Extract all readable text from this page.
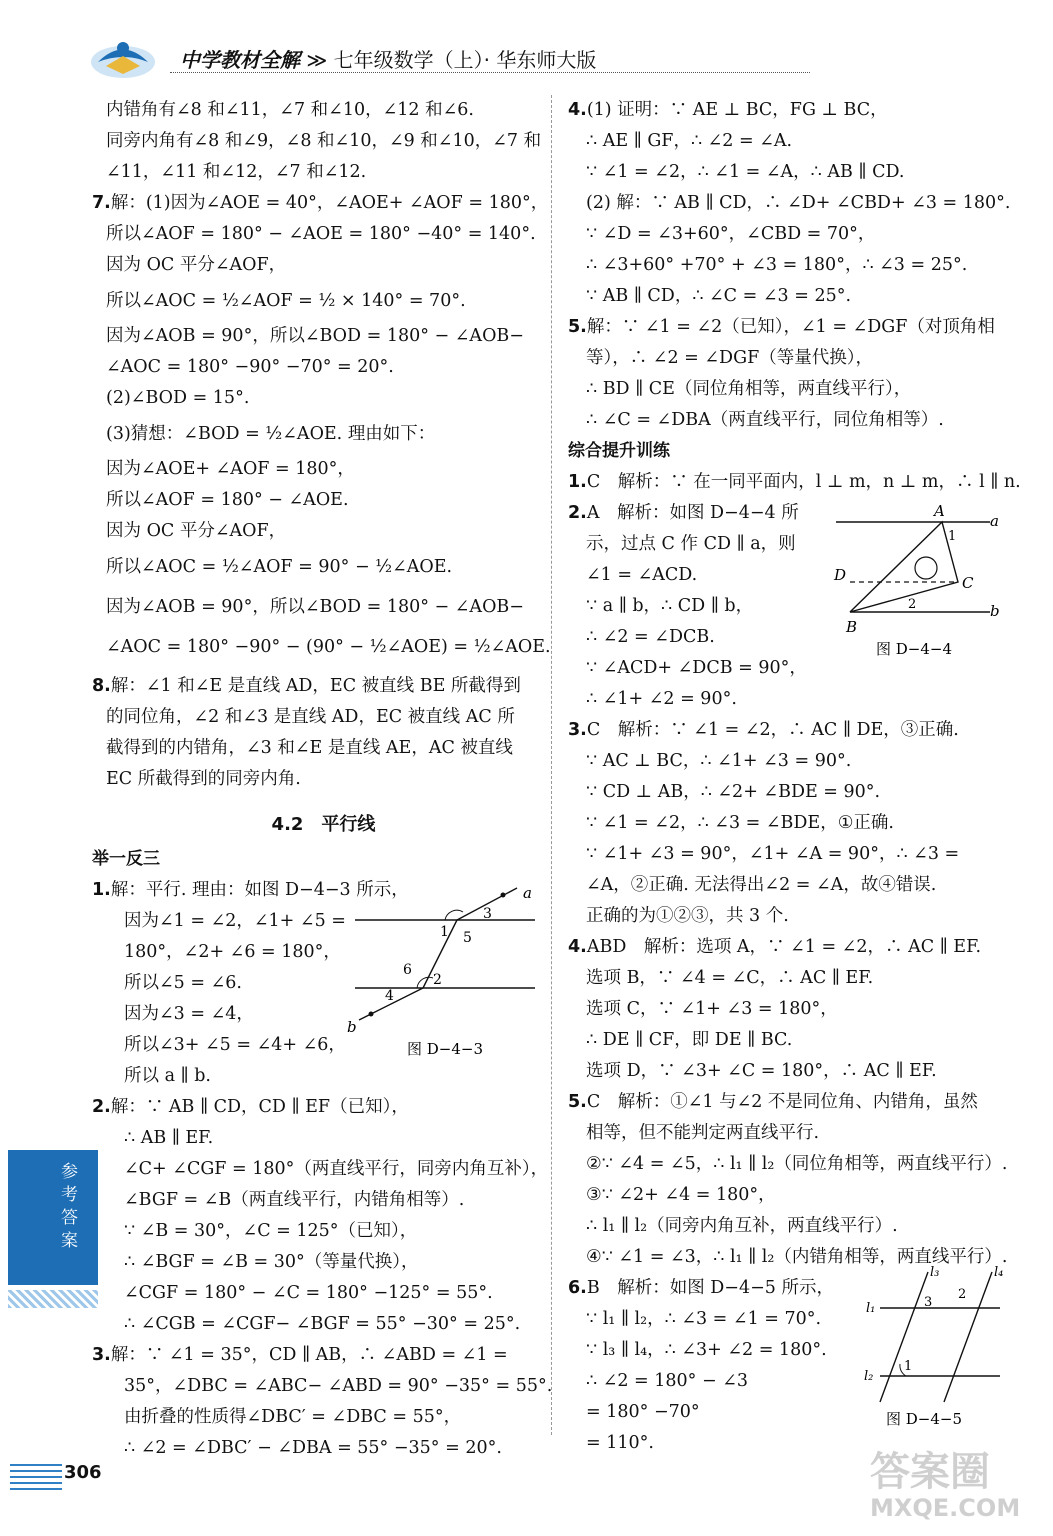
中学教材全解 ≫ 七年级数学（上）· 华东师大版
内错角有∠8 和∠11，∠7 和∠10，∠12 和∠6.
同旁内角有∠8 和∠9，∠8 和∠10，∠9 和∠10，∠7 和
∠11，∠11 和∠12，∠7 和∠12.
7.解：(1)因为∠AOE = 40°，∠AOE+ ∠AOF = 180°，
所以∠AOF = 180° − ∠AOE = 180° −40° = 140°.
因为 OC 平分∠AOF，
所以∠AOC = ½∠AOF = ½ × 140° = 70°.
因为∠AOB = 90°，所以∠BOD = 180° − ∠AOB−
∠AOC = 180° −90° −70° = 20°.
(2)∠BOD = 15°.
(3)猜想：∠BOD = ½∠AOE. 理由如下：
因为∠AOE+ ∠AOF = 180°，
所以∠AOF = 180° − ∠AOE.
因为 OC 平分∠AOF，
所以∠AOC = ½∠AOF = 90° − ½∠AOE.
因为∠AOB = 90°，所以∠BOD = 180° − ∠AOB−
∠AOC = 180° −90° − (90° − ½∠AOE) = ½∠AOE.
8.解：∠1 和∠E 是直线 AD，EC 被直线 BE 所截得到
的同位角，∠2 和∠3 是直线 AD，EC 被直线 AC 所
截得到的内错角，∠3 和∠E 是直线 AE，AC 被直线
EC 所截得到的同旁内角.
4.2　平行线
举一反三
1.解：平行. 理由：如图 D−4−3 所示，
因为∠1 = ∠2，∠1+ ∠5 =
180°，∠2+ ∠6 = 180°，
所以∠5 = ∠6.
因为∠3 = ∠4，
所以∠3+ ∠5 = ∠4+ ∠6，
所以 a ∥ b.
2.解：∵ AB ∥ CD，CD ∥ EF（已知），
∴ AB ∥ EF.
∠C+ ∠CGF = 180°（两直线平行，同旁内角互补），
∠BGF = ∠B（两直线平行，内错角相等）.
∵ ∠B = 30°，∠C = 125°（已知），
∴ ∠BGF = ∠B = 30°（等量代换），
∠CGF = 180° − ∠C = 180° −125° = 55°.
∴ ∠CGB = ∠CGF− ∠BGF = 55° −30° = 25°.
3.解：∵ ∠1 = 35°，CD ∥ AB，∴ ∠ABD = ∠1 =
35°，∠DBC = ∠ABC− ∠ABD = 90° −35° = 55°.
由折叠的性质得∠DBC′ = ∠DBC = 55°，
∴ ∠2 = ∠DBC′ − ∠DBA = 55° −35° = 20°.
a
b
1
2
3
4
5
6
图 D−4−3
4.(1) 证明：∵ AE ⊥ BC，FG ⊥ BC，
∴ AE ∥ GF，∴ ∠2 = ∠A.
∵ ∠1 = ∠2，∴ ∠1 = ∠A，∴ AB ∥ CD.
(2) 解：∵ AB ∥ CD，∴ ∠D+ ∠CBD+ ∠3 = 180°.
∵ ∠D = ∠3+60°，∠CBD = 70°，
∴ ∠3+60° +70° + ∠3 = 180°，∴ ∠3 = 25°.
∵ AB ∥ CD，∴ ∠C = ∠3 = 25°.
5.解：∵ ∠1 = ∠2（已知），∠1 = ∠DGF（对顶角相
等），∴ ∠2 = ∠DGF（等量代换），
∴ BD ∥ CE（同位角相等，两直线平行），
∴ ∠C = ∠DBA（两直线平行，同位角相等）.
综合提升训练
1.C　解析：∵ 在一同平面内，l ⊥ m，n ⊥ m，∴ l ∥ n.
2.A　解析：如图 D−4−4 所
示，过点 C 作 CD ∥ a，则
∠1 = ∠ACD.
∵ a ∥ b，∴ CD ∥ b，
∴ ∠2 = ∠DCB.
∵ ∠ACD+ ∠DCB = 90°，
∴ ∠1+ ∠2 = 90°.
3.C　解析：∵ ∠1 = ∠2，∴ AC ∥ DE，③正确.
∵ AC ⊥ BC，∴ ∠1+ ∠3 = 90°.
∵ CD ⊥ AB，∴ ∠2+ ∠BDE = 90°.
∵ ∠1 = ∠2，∴ ∠3 = ∠BDE，①正确.
∵ ∠1+ ∠3 = 90°，∠1+ ∠A = 90°，∴ ∠3 =
∠A，②正确. 无法得出∠2 = ∠A，故④错误.
正确的为①②③，共 3 个.
4.ABD　解析：选项 A，∵ ∠1 = ∠2，∴ AC ∥ EF.
选项 B，∵ ∠4 = ∠C，∴ AC ∥ EF.
选项 C，∵ ∠1+ ∠3 = 180°，
∴ DE ∥ CF，即 DE ∥ BC.
选项 D，∵ ∠3+ ∠C = 180°，∴ AC ∥ EF.
5.C　解析：①∠1 与∠2 不是同位角、内错角，虽然
相等，但不能判定两直线平行.
②∵ ∠4 = ∠5，∴ l₁ ∥ l₂（同位角相等，两直线平行）.
③∵ ∠2+ ∠4 = 180°，
∴ l₁ ∥ l₂（同旁内角互补，两直线平行）.
④∵ ∠1 = ∠3，∴ l₁ ∥ l₂（内错角相等，两直线平行）.
6.B　解析：如图 D−4−5 所示，
∵ l₁ ∥ l₂，∴ ∠3 = ∠1 = 70°.
∵ l₃ ∥ l₄，∴ ∠3+ ∠2 = 180°.
∴ ∠2 = 180° − ∠3
= 180° −70°
= 110°.
A
B
C
D
a
b
1
2
图 D−4−4
l₃	l₄
l₁
l₂
1
2
3
图 D−4−5
参考答案
306	答案圈
MXQE.COM
